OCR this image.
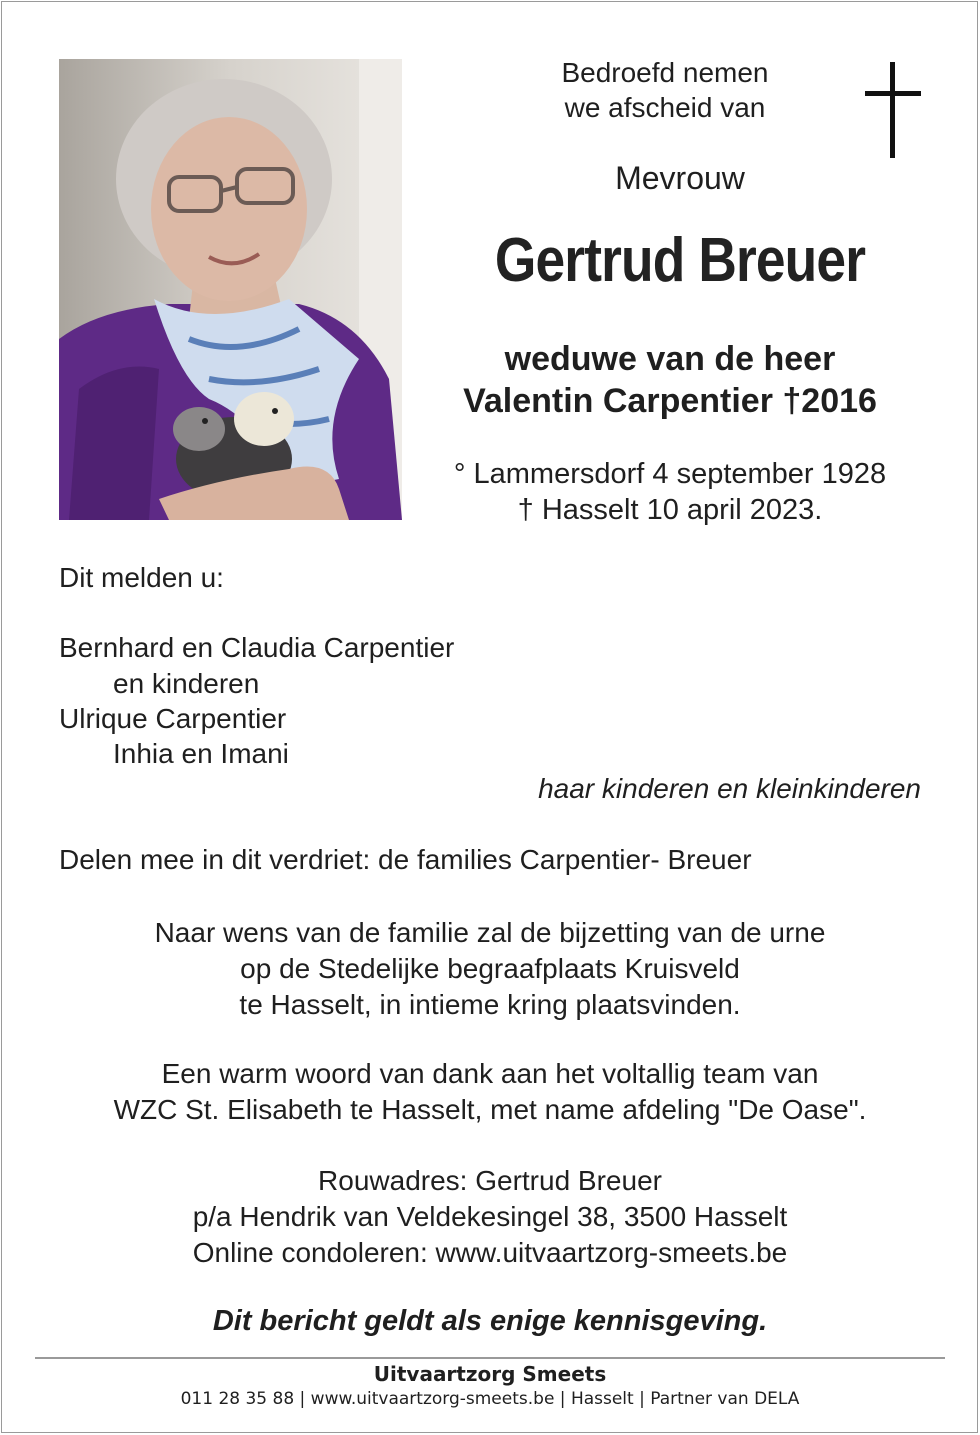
Bedroefd nemen
we afscheid van
Mevrouw
Gertrud Breuer
weduwe van de heer
Valentin Carpentier †2016
° Lammersdorf 4 september 1928
† Hasselt 10 april 2023.
Dit melden u:
Bernhard en Claudia Carpentier
en kinderen
Ulrique Carpentier
Inhia en Imani
haar kinderen en kleinkinderen
Delen mee in dit verdriet: de families Carpentier- Breuer
Naar wens van de familie zal de bijzetting van de urne
op de Stedelijke begraafplaats Kruisveld
te Hasselt, in intieme kring plaatsvinden.
Een warm woord van dank aan het voltallig team van
WZC St. Elisabeth te Hasselt, met name afdeling "De Oase".
Rouwadres: Gertrud Breuer
p/a Hendrik van Veldekesingel 38, 3500 Hasselt
Online condoleren: www.uitvaartzorg-smeets.be
Dit bericht geldt als enige kennisgeving.
Uitvaartzorg Smeets
011 28 35 88 | www.uitvaartzorg-smeets.be | Hasselt | Partner van DELA
